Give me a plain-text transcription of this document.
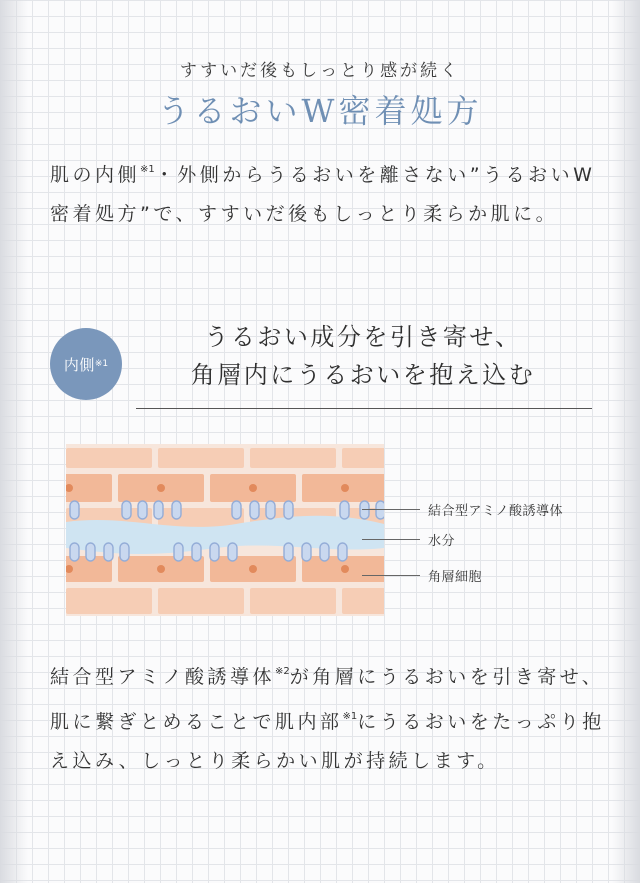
すすいだ後もしっとり感が続く
うるおいW密着処方
肌の内側$^{※1}$・外側からうるおいを離さない”うるおいW密着処方”で、すすいだ後もしっとり柔らか肌に。
内側 ※1
うるおい成分を引き寄せ、
角層内にうるおいを抱え込む
結合型アミノ酸誘導体
水分
角層細胞
結合型アミノ酸誘導体$^{※2}$が角層にうるおいを引き寄せ、肌に繋ぎとめることで肌内部$^{※1}$にうるおいをたっぷり抱え込み、しっとり柔らかい肌が持続します。
